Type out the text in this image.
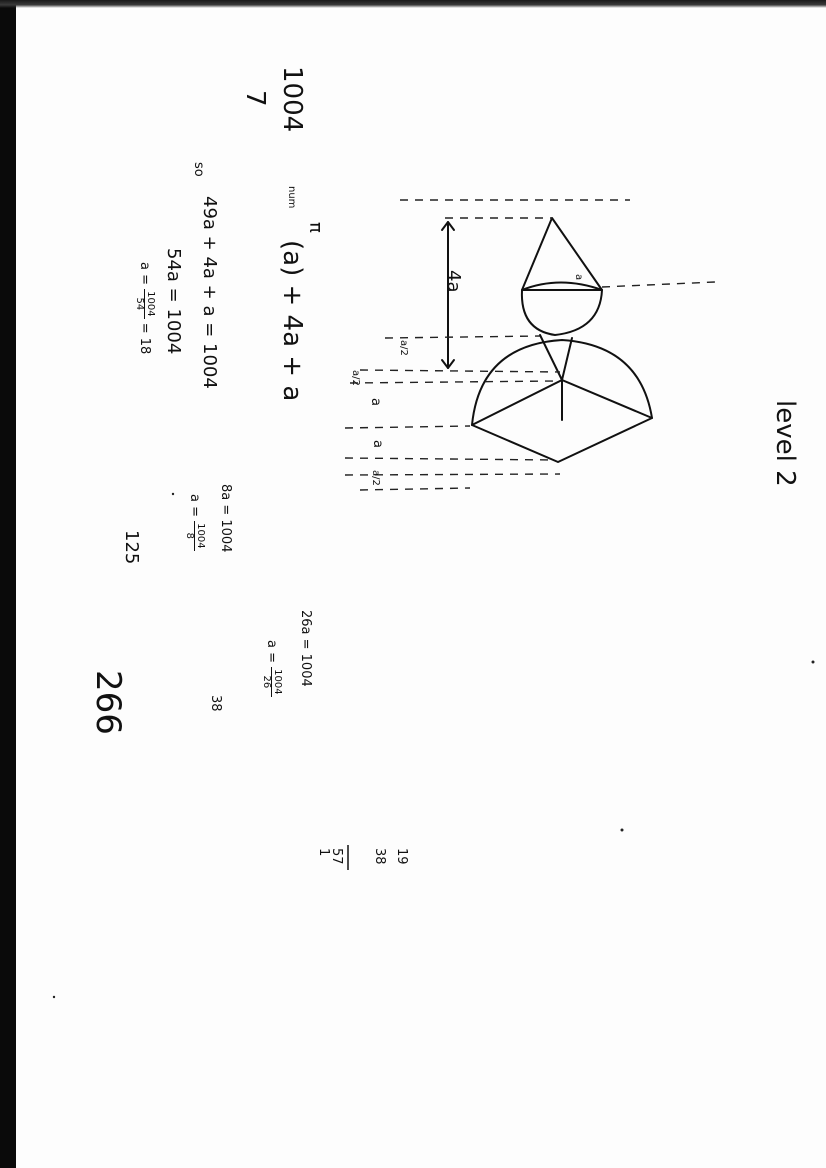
level 2
1004
7
num
π
(a) + 4a + a
so
49a + 4a + a = 1004
54a = 1004
a =
1004
54
= 18
8a = 1004
a =
1004
8
125
26a = 1004
a =
1004
26
38
266
19
38
57
1
4a	a
a/2
a/2
a
a
a/2
